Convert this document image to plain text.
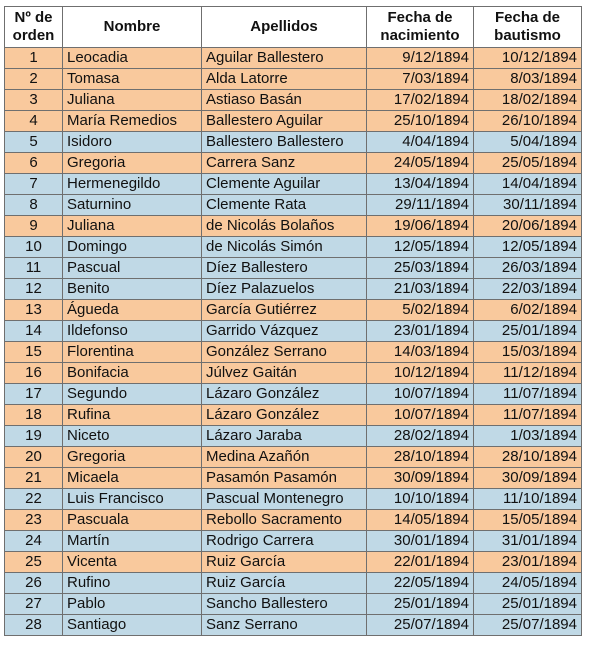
Nº de orden	Nombre	Apellidos	Fecha de nacimiento	Fecha de bautismo
1	Leocadia	Aguilar Ballestero	9/12/1894	10/12/1894
2	Tomasa	Alda Latorre	7/03/1894	8/03/1894
3	Juliana	Astiaso Basán	17/02/1894	18/02/1894
4	María Remedios	Ballestero Aguilar	25/10/1894	26/10/1894
5	Isidoro	Ballestero Ballestero	4/04/1894	5/04/1894
6	Gregoria	Carrera Sanz	24/05/1894	25/05/1894
7	Hermenegildo	Clemente Aguilar	13/04/1894	14/04/1894
8	Saturnino	Clemente Rata	29/11/1894	30/11/1894
9	Juliana	de Nicolás Bolaños	19/06/1894	20/06/1894
10	Domingo	de Nicolás Simón	12/05/1894	12/05/1894
11	Pascual	Díez Ballestero	25/03/1894	26/03/1894
12	Benito	Díez Palazuelos	21/03/1894	22/03/1894
13	Águeda	García Gutiérrez	5/02/1894	6/02/1894
14	Ildefonso	Garrido Vázquez	23/01/1894	25/01/1894
15	Florentina	González Serrano	14/03/1894	15/03/1894
16	Bonifacia	Júlvez Gaitán	10/12/1894	11/12/1894
17	Segundo	Lázaro González	10/07/1894	11/07/1894
18	Rufina	Lázaro González	10/07/1894	11/07/1894
19	Niceto	Lázaro Jaraba	28/02/1894	1/03/1894
20	Gregoria	Medina Azañón	28/10/1894	28/10/1894
21	Micaela	Pasamón Pasamón	30/09/1894	30/09/1894
22	Luis Francisco	Pascual Montenegro	10/10/1894	11/10/1894
23	Pascuala	Rebollo Sacramento	14/05/1894	15/05/1894
24	Martín	Rodrigo Carrera	30/01/1894	31/01/1894
25	Vicenta	Ruiz García	22/01/1894	23/01/1894
26	Rufino	Ruiz García	22/05/1894	24/05/1894
27	Pablo	Sancho Ballestero	25/01/1894	25/01/1894
28	Santiago	Sanz Serrano	25/07/1894	25/07/1894
